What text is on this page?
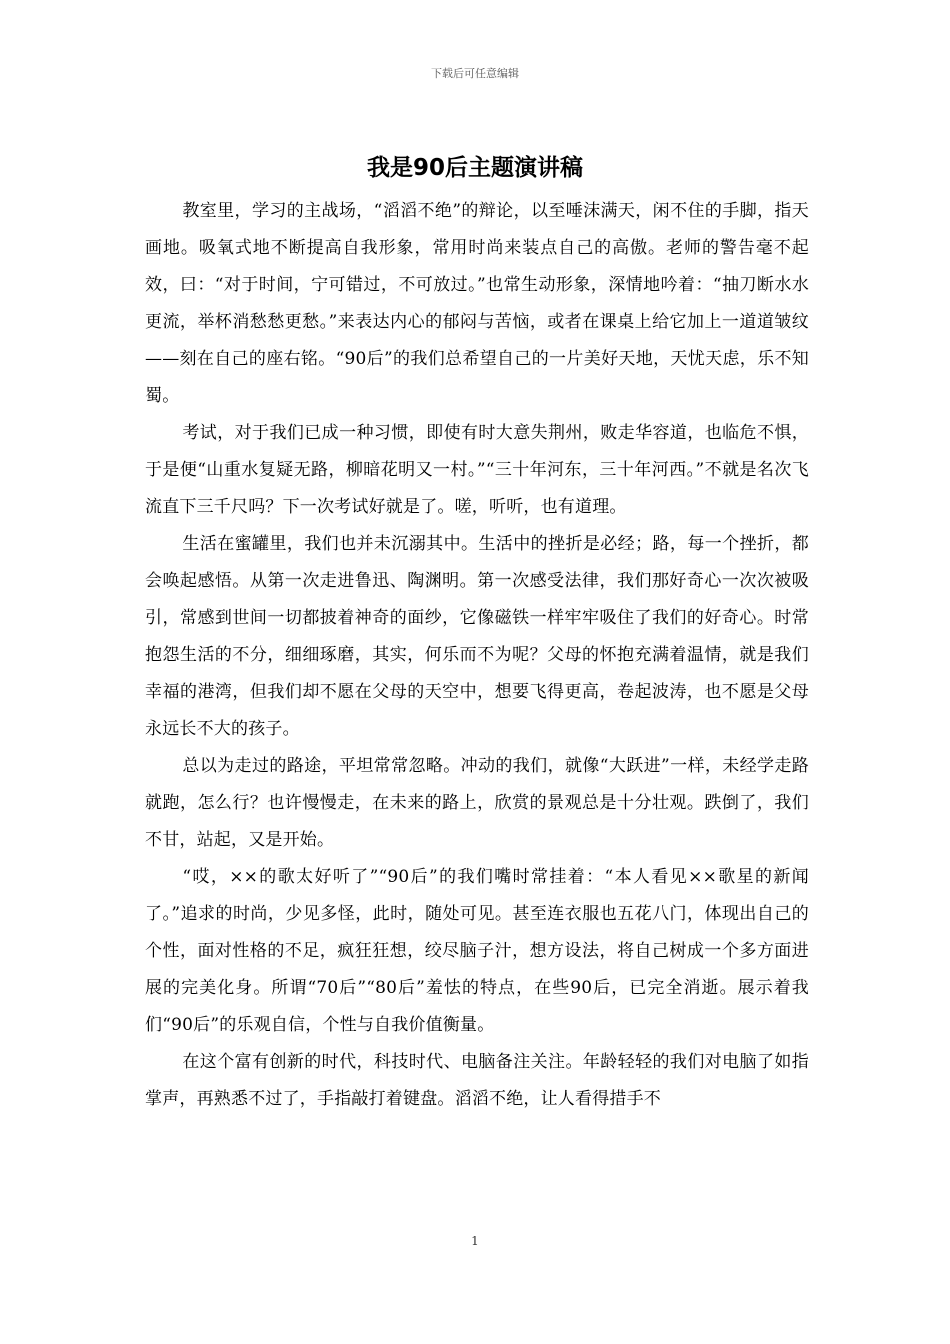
下载后可任意编辑
我是90后主题演讲稿

教室里，学习的主战场，“滔滔不绝”的辩论，以至唾沫满天，闲不住的手脚，指天画地。吸氧式地不断提高自我形象，常用时尚来装点自己的高傲。老师的警告毫不起效，曰：“对于时间，宁可错过，不可放过。”也常生动形象，深情地吟着：“抽刀断水水更流，举杯消愁愁更愁。”来表达内心的郁闷与苦恼，或者在课桌上给它加上一道道皱纹——刻在自己的座右铭。“90后”的我们总希望自己的一片美好天地，天忧天虑，乐不知蜀。

考试，对于我们已成一种习惯，即使有时大意失荆州，败走华容道，也临危不惧，于是便“山重水复疑无路，柳暗花明又一村。”“三十年河东，三十年河西。”不就是名次飞流直下三千尺吗？下一次考试好就是了。嗟，听听，也有道理。

生活在蜜罐里，我们也并未沉溺其中。生活中的挫折是必经；路，每一个挫折，都会唤起感悟。从第一次走进鲁迅、陶渊明。第一次感受法律，我们那好奇心一次次被吸引，常感到世间一切都披着神奇的面纱，它像磁铁一样牢牢吸住了我们的好奇心。时常抱怨生活的不分，细细琢磨，其实，何乐而不为呢？父母的怀抱充满着温情，就是我们幸福的港湾，但我们却不愿在父母的天空中，想要飞得更高，卷起波涛，也不愿是父母永远长不大的孩子。

总以为走过的路途，平坦常常忽略。冲动的我们，就像“大跃进”一样，未经学走路就跑，怎么行？也许慢慢走，在未来的路上，欣赏的景观总是十分壮观。跌倒了，我们不甘，站起，又是开始。

“哎，××的歌太好听了”“90后”的我们嘴时常挂着：“本人看见××歌星的新闻了。”追求的时尚，少见多怪，此时，随处可见。甚至连衣服也五花八门，体现出自己的个性，面对性格的不足，疯狂狂想，绞尽脑子汁，想方设法，将自己树成一个多方面进展的完美化身。所谓“70后”“80后”羞怯的特点，在些90后，已完全消逝。展示着我们“90后”的乐观自信，个性与自我价值衡量。

在这个富有创新的时代，科技时代、电脑备注关注。年龄轻轻的我们对电脑了如指掌声，再熟悉不过了，手指敲打着键盘。滔滔不绝，让人看得措手不

1
